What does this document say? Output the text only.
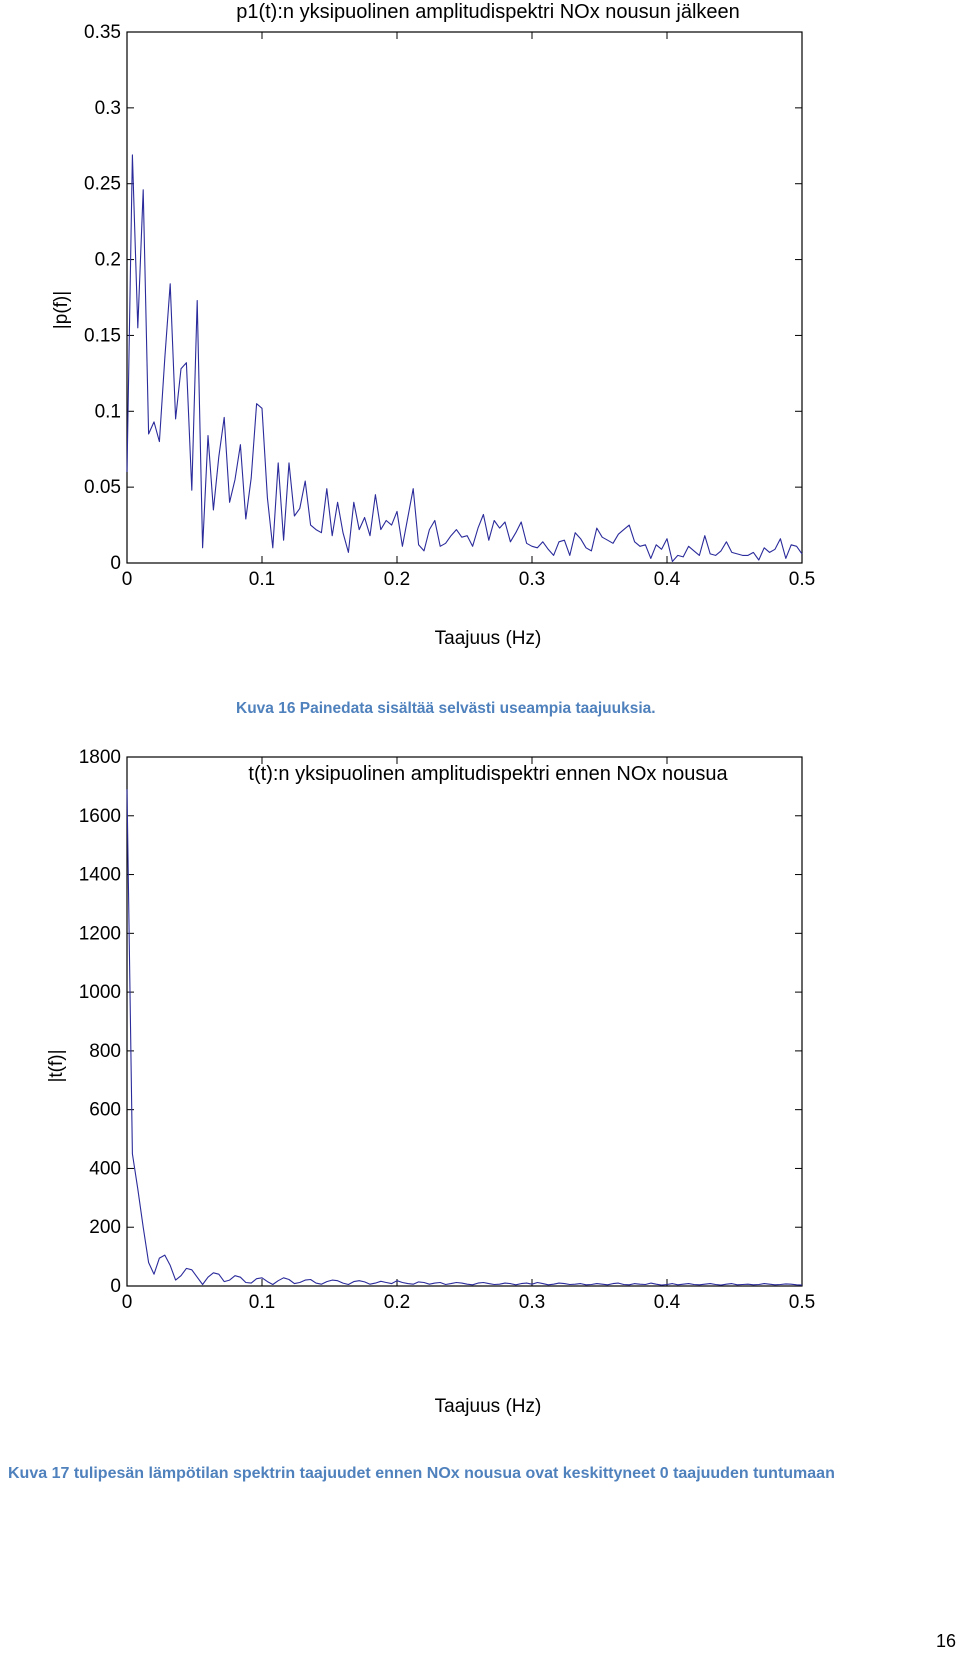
p1(t):n yksipuolinen amplitudispektri NOx nousun jälkeen
Taajuus (Hz)
|p(f)|
0	0.1	0.2	0.3	0.4	0.5
0
0.05
0.1
0.15
0.2
0.25
0.3
0.35
Kuva 16 Painedata sisältää selvästi useampia taajuuksia.
t(t):n yksipuolinen amplitudispektri ennen NOx nousua
Taajuus (Hz)
|t(f)|
0	0.1	0.2	0.3	0.4	0.5
0
200
400
600
800
1000
1200
1400
1600
1800
Kuva 17 tulipesän lämpötilan spektrin taajuudet ennen NOx nousua ovat keskittyneet 0 taajuuden tuntumaan
16
